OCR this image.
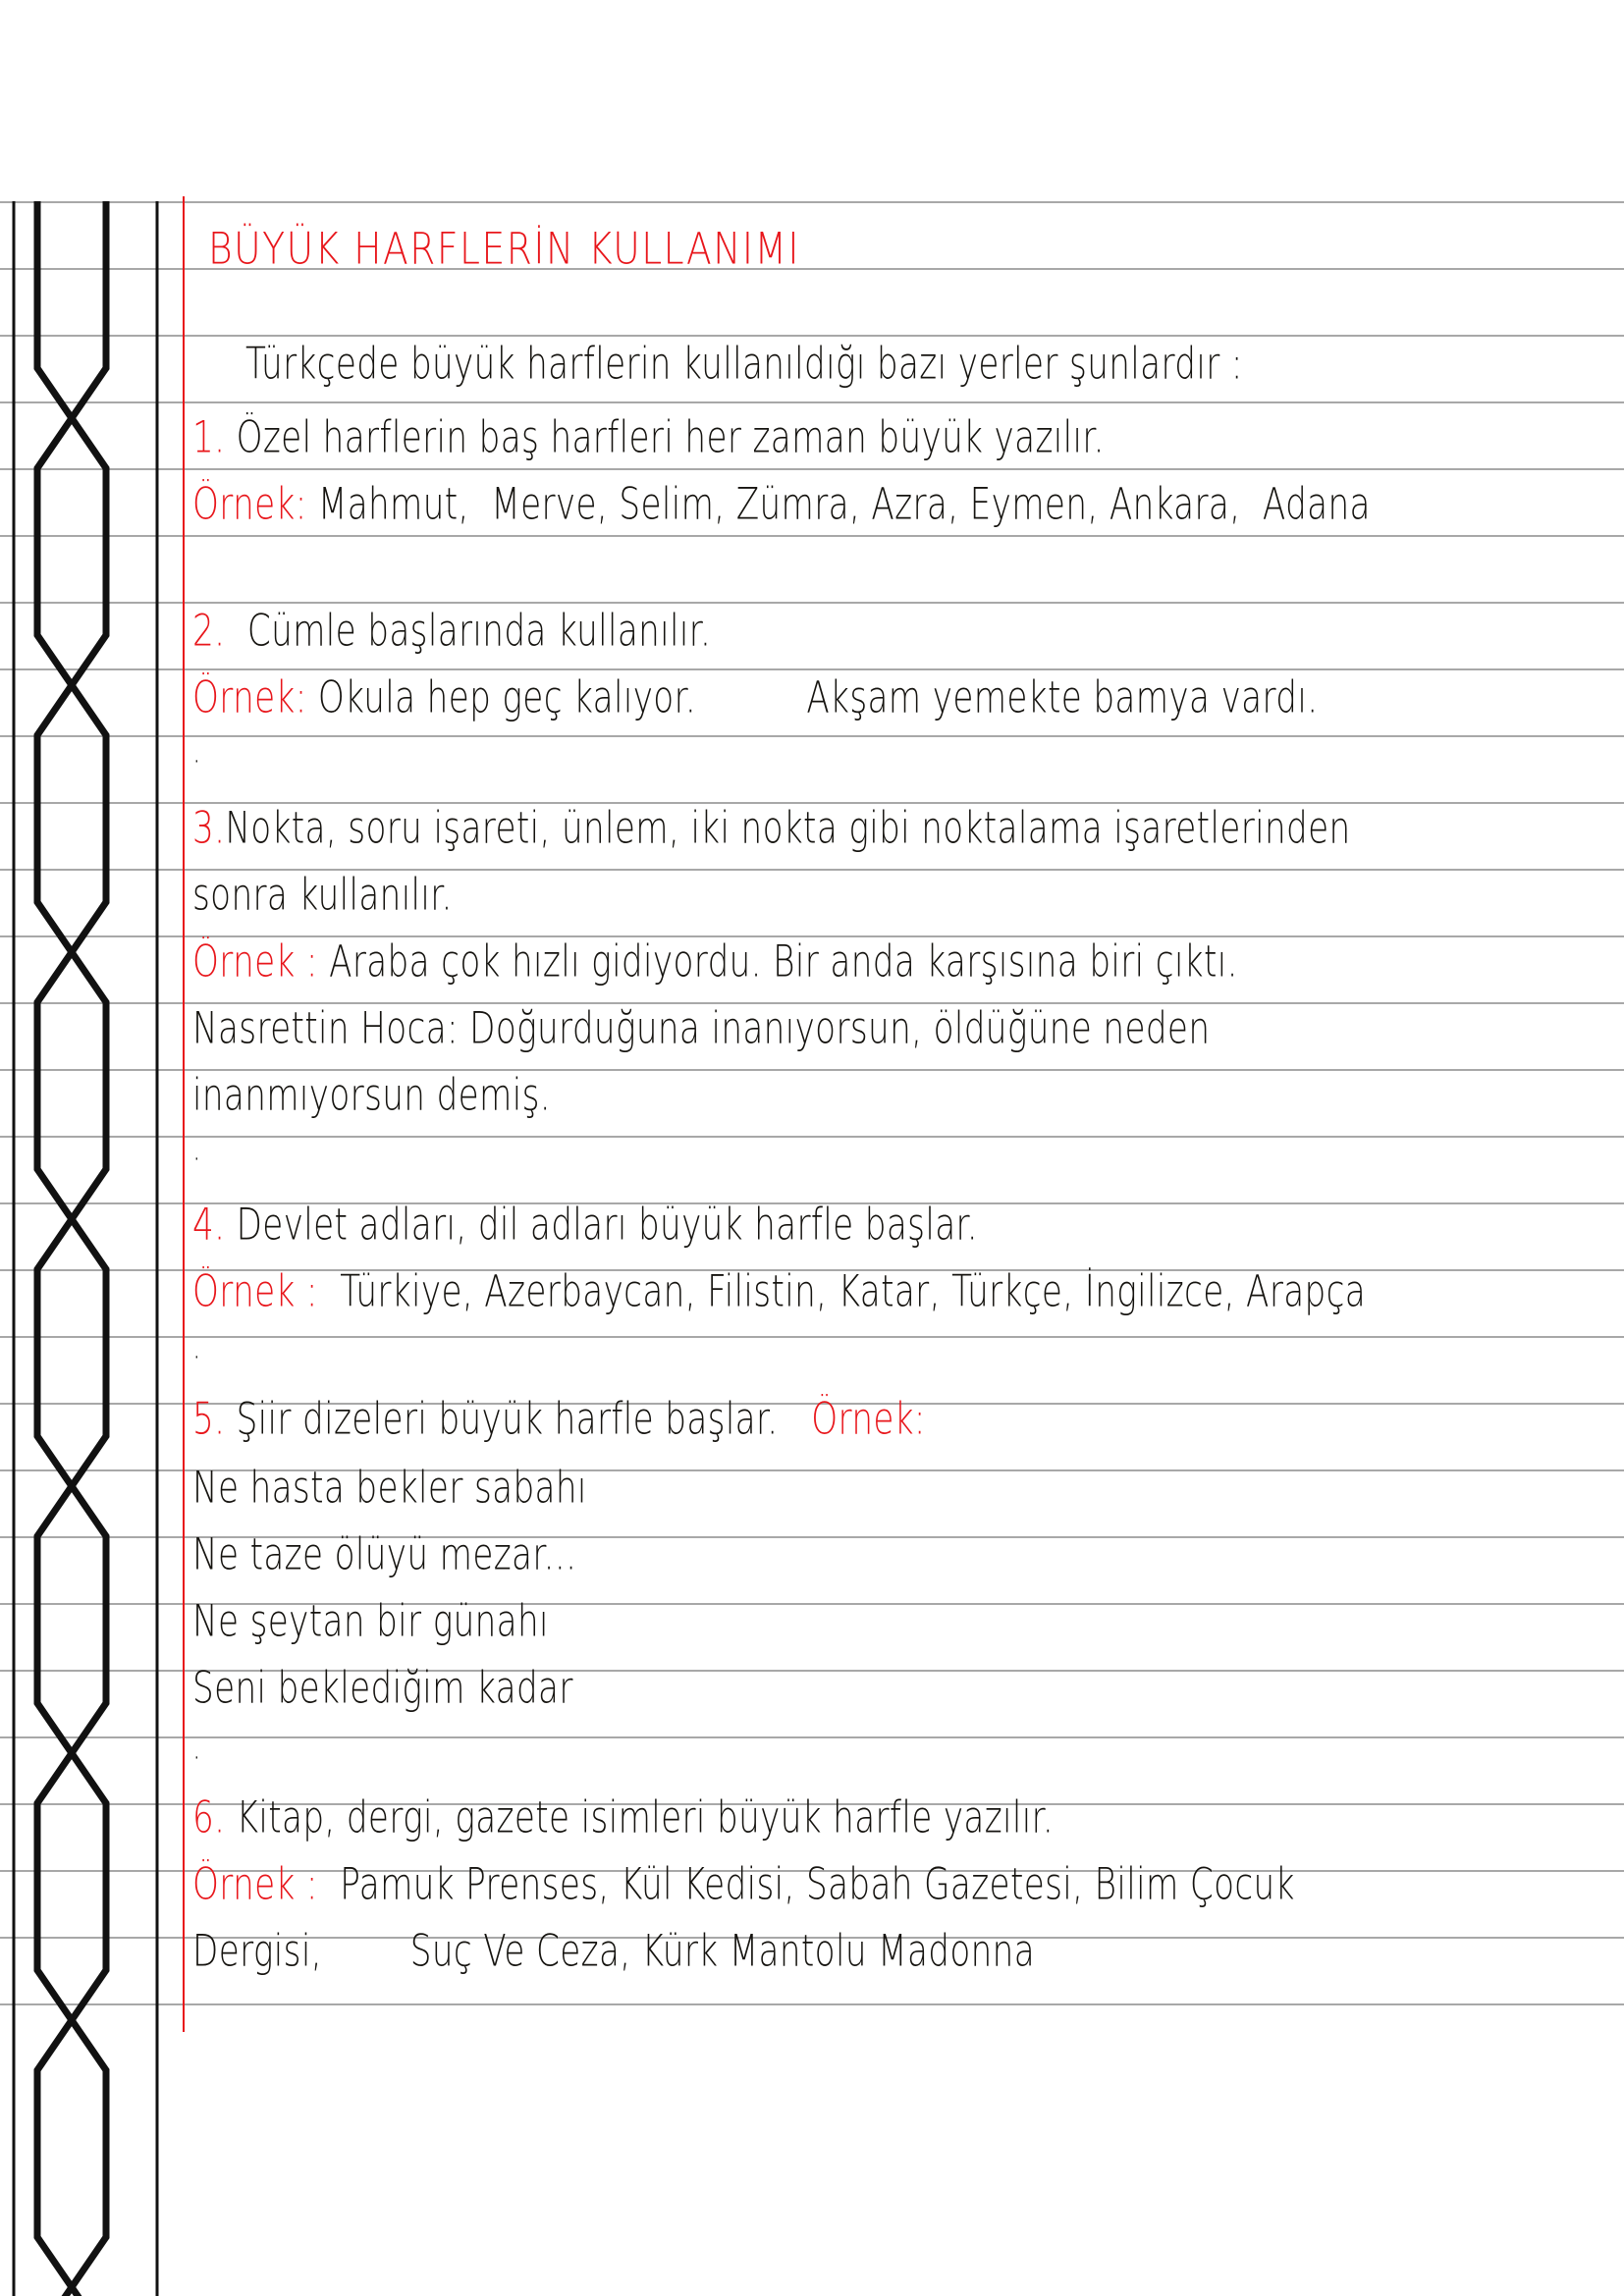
BÜYÜK HARFLERİN KULLANIMI
Türkçede büyük harflerin kullanıldığı bazı yerler şunlardır :
1. Özel harflerin baş harfleri her zaman büyük yazılır.
Örnek: Mahmut,  Merve, Selim, Zümra, Azra, Eymen, Ankara,  Adana
2. Cümle başlarında kullanılır.
Örnek: Okula hep geç kalıyor.          Akşam yemekte bamya vardı.
.
3.Nokta, soru işareti, ünlem, iki nokta gibi noktalama işaretlerinden
sonra kullanılır.
Örnek : Araba çok hızlı gidiyordu. Bir anda karşısına biri çıktı.
Nasrettin Hoca: Doğurduğuna inanıyorsun, öldüğüne neden
inanmıyorsun demiş.
.
4. Devlet adları, dil adları büyük harfle başlar.
Örnek : Türkiye, Azerbaycan, Filistin, Katar, Türkçe, İngilizce, Arapça
.
5. Şiir dizeleri büyük harfle başlar. Örnek:
Ne hasta bekler sabahı
Ne taze ölüyü mezar...
Ne şeytan bir günahı
Seni beklediğim kadar
.
6. Kitap, dergi, gazete isimleri büyük harfle yazılır.
Örnek : Pamuk Prenses, Kül Kedisi, Sabah Gazetesi, Bilim Çocuk
Dergisi, Suç Ve Ceza, Kürk Mantolu Madonna
